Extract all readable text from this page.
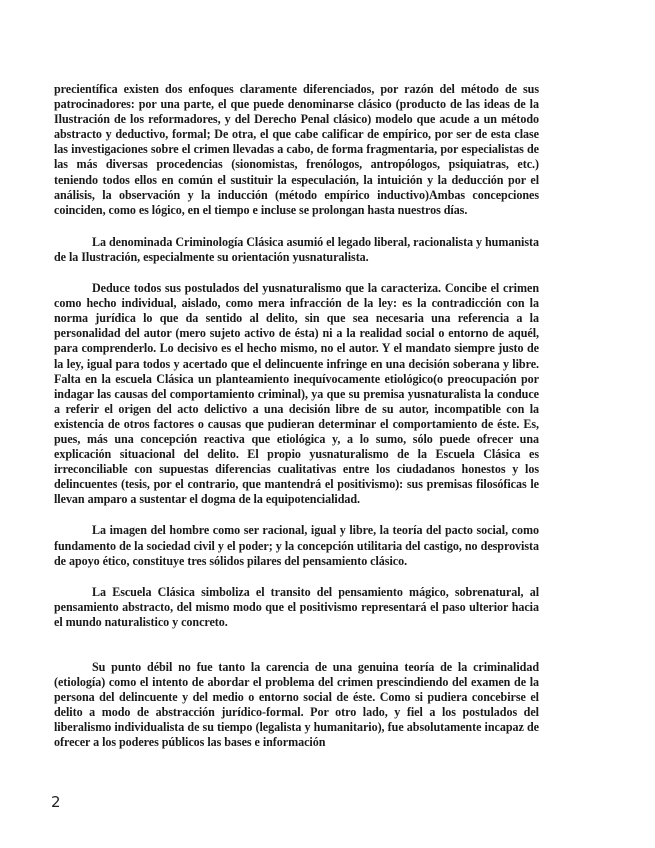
precientífica existen dos enfoques claramente diferenciados, por razón del método de sus patrocinadores: por una parte, el que puede denominarse clásico (producto de las ideas de la Ilustración de los reformadores, y del Derecho Penal clásico) modelo que acude a un método abstracto y deductivo, formal; De otra, el que cabe calificar de empírico, por ser de esta clase las investigaciones sobre el crimen llevadas a cabo, de forma fragmentaria, por especialistas de las más diversas procedencias (sionomistas, frenólogos, antropólogos, psiquiatras, etc.) teniendo todos ellos en común el sustituir la especulación, la intuición y la deducción por el análisis, la observación y la inducción (método empírico inductivo)Ambas concepciones coinciden, como es lógico, en el tiempo e incluse se prolongan hasta nuestros días.

La denominada Criminología Clásica asumió el legado liberal, racionalista y humanista de la Ilustración, especialmente su orientación yusnaturalista.

Deduce todos sus postulados del yusnaturalismo que la caracteriza. Concibe el crimen como hecho individual, aislado, como mera infracción de la ley: es la contradicción con la norma jurídica lo que da sentido al delito, sin que sea necesaria una referencia a la personalidad del autor (mero sujeto activo de ésta) ni a la realidad social o entorno de aquél, para comprenderlo. Lo decisivo es el hecho mismo, no el autor. Y el mandato siempre justo de la ley, igual para todos y acertado que el delincuente infringe en una decisión soberana y libre. Falta en la escuela Clásica un planteamiento inequívocamente etiológico(o preocupación por indagar las causas del comportamiento criminal), ya que su premisa yusnaturalista la conduce a referir el origen del acto delictivo a una decisión libre de su autor, incompatible con la existencia de otros factores o causas que pudieran determinar el comportamiento de éste. Es, pues, más una concepción reactiva que etiológica y, a lo sumo, sólo puede ofrecer una explicación situacional del delito. El propio yusnaturalismo de la Escuela Clásica es irreconciliable con supuestas diferencias cualitativas entre los ciudadanos honestos y los delincuentes (tesis, por el contrario, que mantendrá el positivismo): sus premisas filosóficas le llevan amparo a sustentar el dogma de la equipotencialidad.

La imagen del hombre como ser racional, igual y libre, la teoría del pacto social, como fundamento de la sociedad civil y el poder; y la concepción utilitaria del castigo, no desprovista de apoyo ético, constituye tres sólidos pilares del pensamiento clásico.

La Escuela Clásica simboliza el transito del pensamiento mágico, sobrenatural, al pensamiento abstracto, del mismo modo que el positivismo representará el paso ulterior hacia el mundo naturalistico y concreto.

Su punto débil no fue tanto la carencia de una genuina teoría de la criminalidad (etiología) como el intento de abordar el problema del crimen prescindiendo del examen de la persona del delincuente y del medio o entorno social de éste. Como si pudiera concebirse el delito a modo de abstracción jurídico-formal. Por otro lado, y fiel a los postulados del liberalismo individualista de su tiempo (legalista y humanitario), fue absolutamente incapaz de ofrecer a los poderes públicos las bases e información

2
